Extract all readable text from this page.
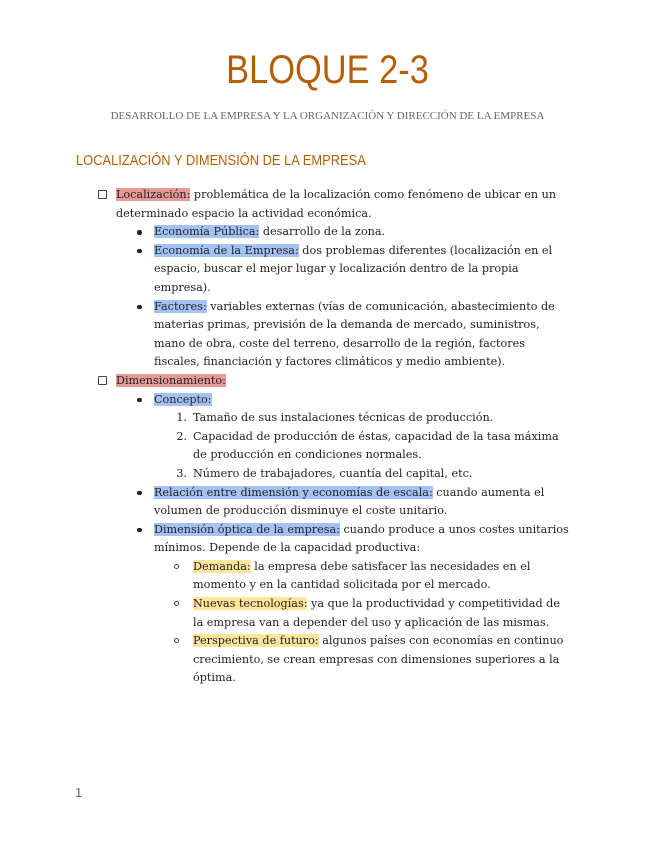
BLOQUE 2-3
DESARROLLO DE LA EMPRESA Y LA ORGANIZACIÓN Y DIRECCIÓN DE LA EMPRESA
LOCALIZACIÓN Y DIMENSIÓN DE LA EMPRESA
Localización: problemática de la localización como fenómeno de ubicar en un determinado espacio la actividad económica.
Economía Pública: desarrollo de la zona.
Economía de la Empresa: dos problemas diferentes (localización en el espacio, buscar el mejor lugar y localización dentro de la propia empresa).
Factores: variables externas (vías de comunicación, abastecimiento de materias primas, previsión de la demanda de mercado, suministros, mano de obra, coste del terreno, desarrollo de la región, factores fiscales, financiación y factores climáticos y medio ambiente).
Dimensionamiento:
Concepto:
1. Tamaño de sus instalaciones técnicas de producción.
2. Capacidad de producción de éstas, capacidad de la tasa máxima de producción en condiciones normales.
3. Número de trabajadores, cuantía del capital, etc.
Relación entre dimensión y economías de escala: cuando aumenta el volumen de producción disminuye el coste unitario.
Dimensión óptica de la empresa: cuando produce a unos costes unitarios mínimos. Depende de la capacidad productiva:
Demanda: la empresa debe satisfacer las necesidades en el momento y en la cantidad solicitada por el mercado.
Nuevas tecnologías: ya que la productividad y competitividad de la empresa van a depender del uso y aplicación de las mismas.
Perspectiva de futuro: algunos países con economías en continuo crecimiento, se crean empresas con dimensiones superiores a la óptima.
1
